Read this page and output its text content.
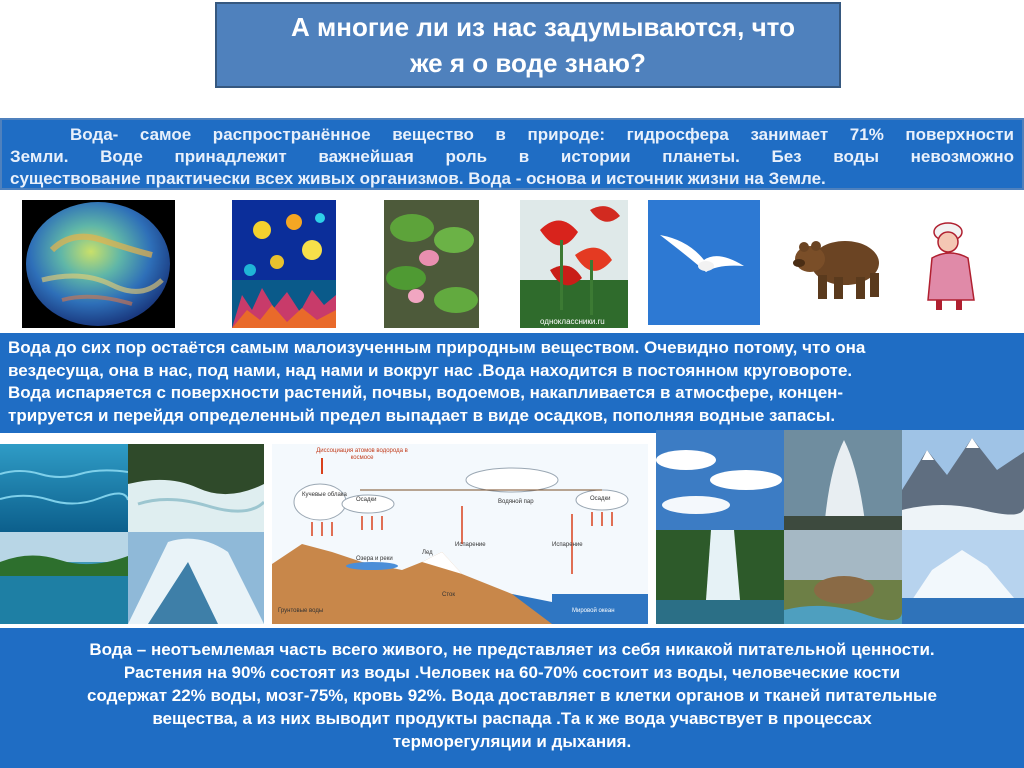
А многие ли из нас задумываются, что
же я о воде знаю?
Вода- самое распространённое вещество в природе: гидросфера занимает 71% поверхности
Земли. Воде принадлежит важнейшая роль в истории планеты. Без воды невозможно
существование практически всех живых организмов. Вода - основа и источник жизни на Земле.
одноклассники.ru
Вода до сих пор остаётся самым малоизученным природным веществом. Очевидно потому, что она
вездесуща, она в нас, под нами, над нами и вокруг нас .Вода находится в постоянном круговороте.
Вода испаряется с поверхности растений, почвы, водоемов, накапливается в атмосфере, концен-
трируется и перейдя определенный предел выпадает в виде осадков, пополняя водные запасы.
Диссоциация атомов водорода в космосе
Кучевые облака
Осадки	Водяной пар	Осадки
Лед
Испарение	Испарение
Озера и реки
Грунтовые воды
Сток
Мировой океан
Вода – неотъемлемая часть всего живого, не представляет из себя никакой питательной ценности.
Растения на 90% состоят из воды .Человек на 60-70% состоит из воды, человеческие кости
содержат 22% воды, мозг-75%, кровь 92%. Вода доставляет в клетки органов и тканей питательные
вещества, а из них выводит продукты распада .Та к же вода учавствует в процессах
терморегуляции и дыхания.
